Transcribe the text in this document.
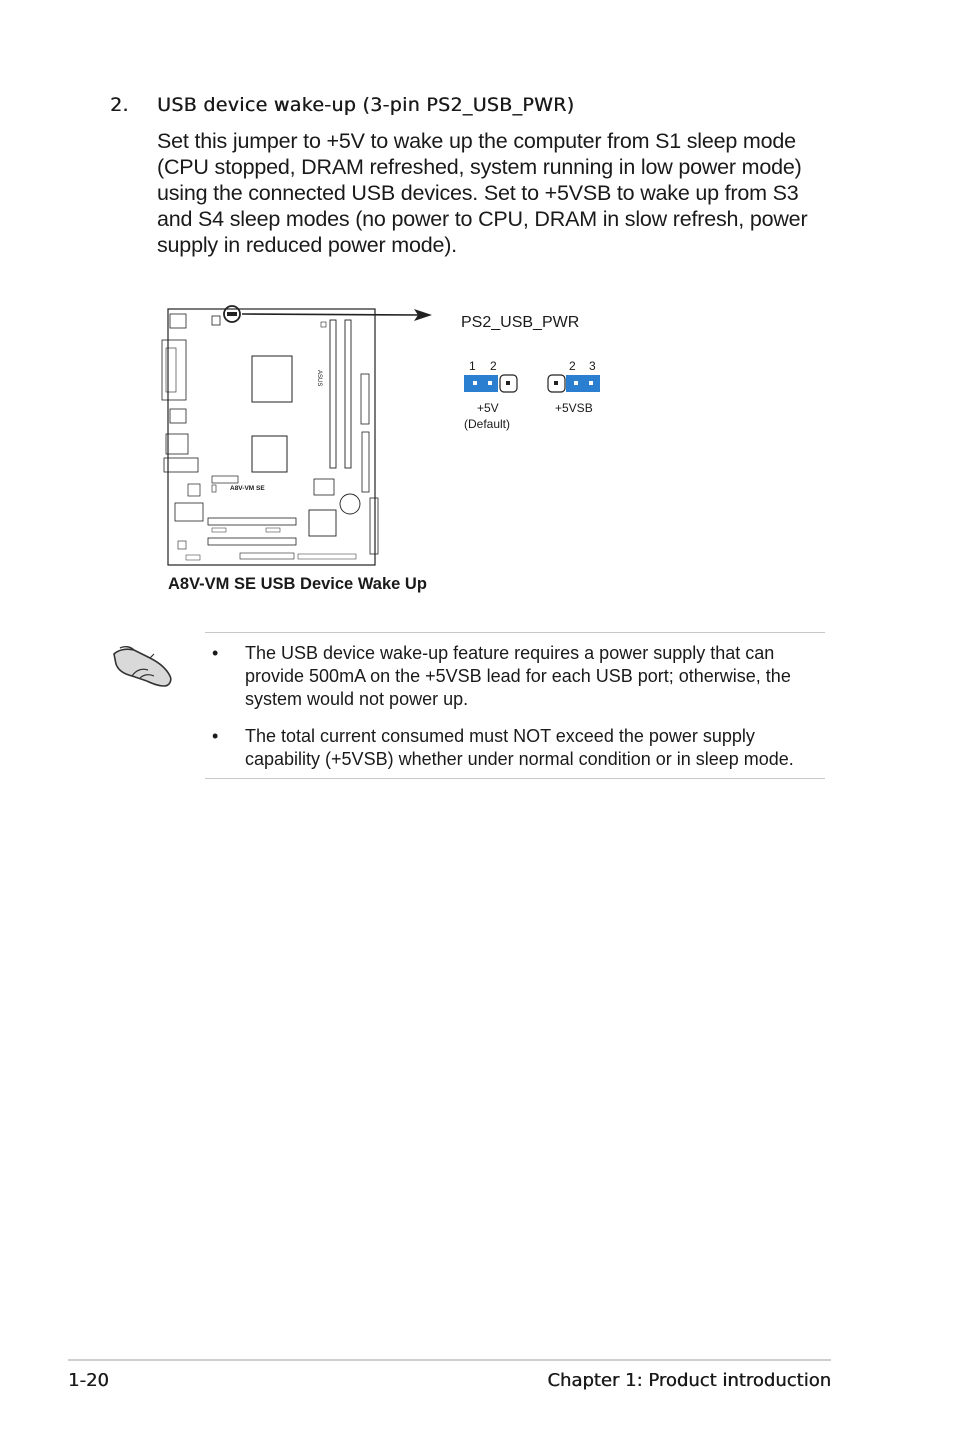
2. USB device wake-up (3-pin PS2_USB_PWR)

Set this jumper to +5V to wake up the computer from S1 sleep mode (CPU stopped, DRAM refreshed, system running in low power mode) using the connected USB devices. Set to +5VSB to wake up from S3 and S4 sleep modes (no power to CPU, DRAM in slow refresh, power supply in reduced power mode).

ASUS
A8V-VM SE
PS2_USB_PWR
1 2
+5V
(Default)
2 3
+5VSB
A8V-VM SE USB Device Wake Up
• The USB device wake-up feature requires a power supply that can provide 500mA on the +5VSB lead for each USB port; otherwise, the system would not power up.
• The total current consumed must NOT exceed the power supply capability (+5VSB) whether under normal condition or in sleep mode.
1-20	Chapter 1: Product introduction
